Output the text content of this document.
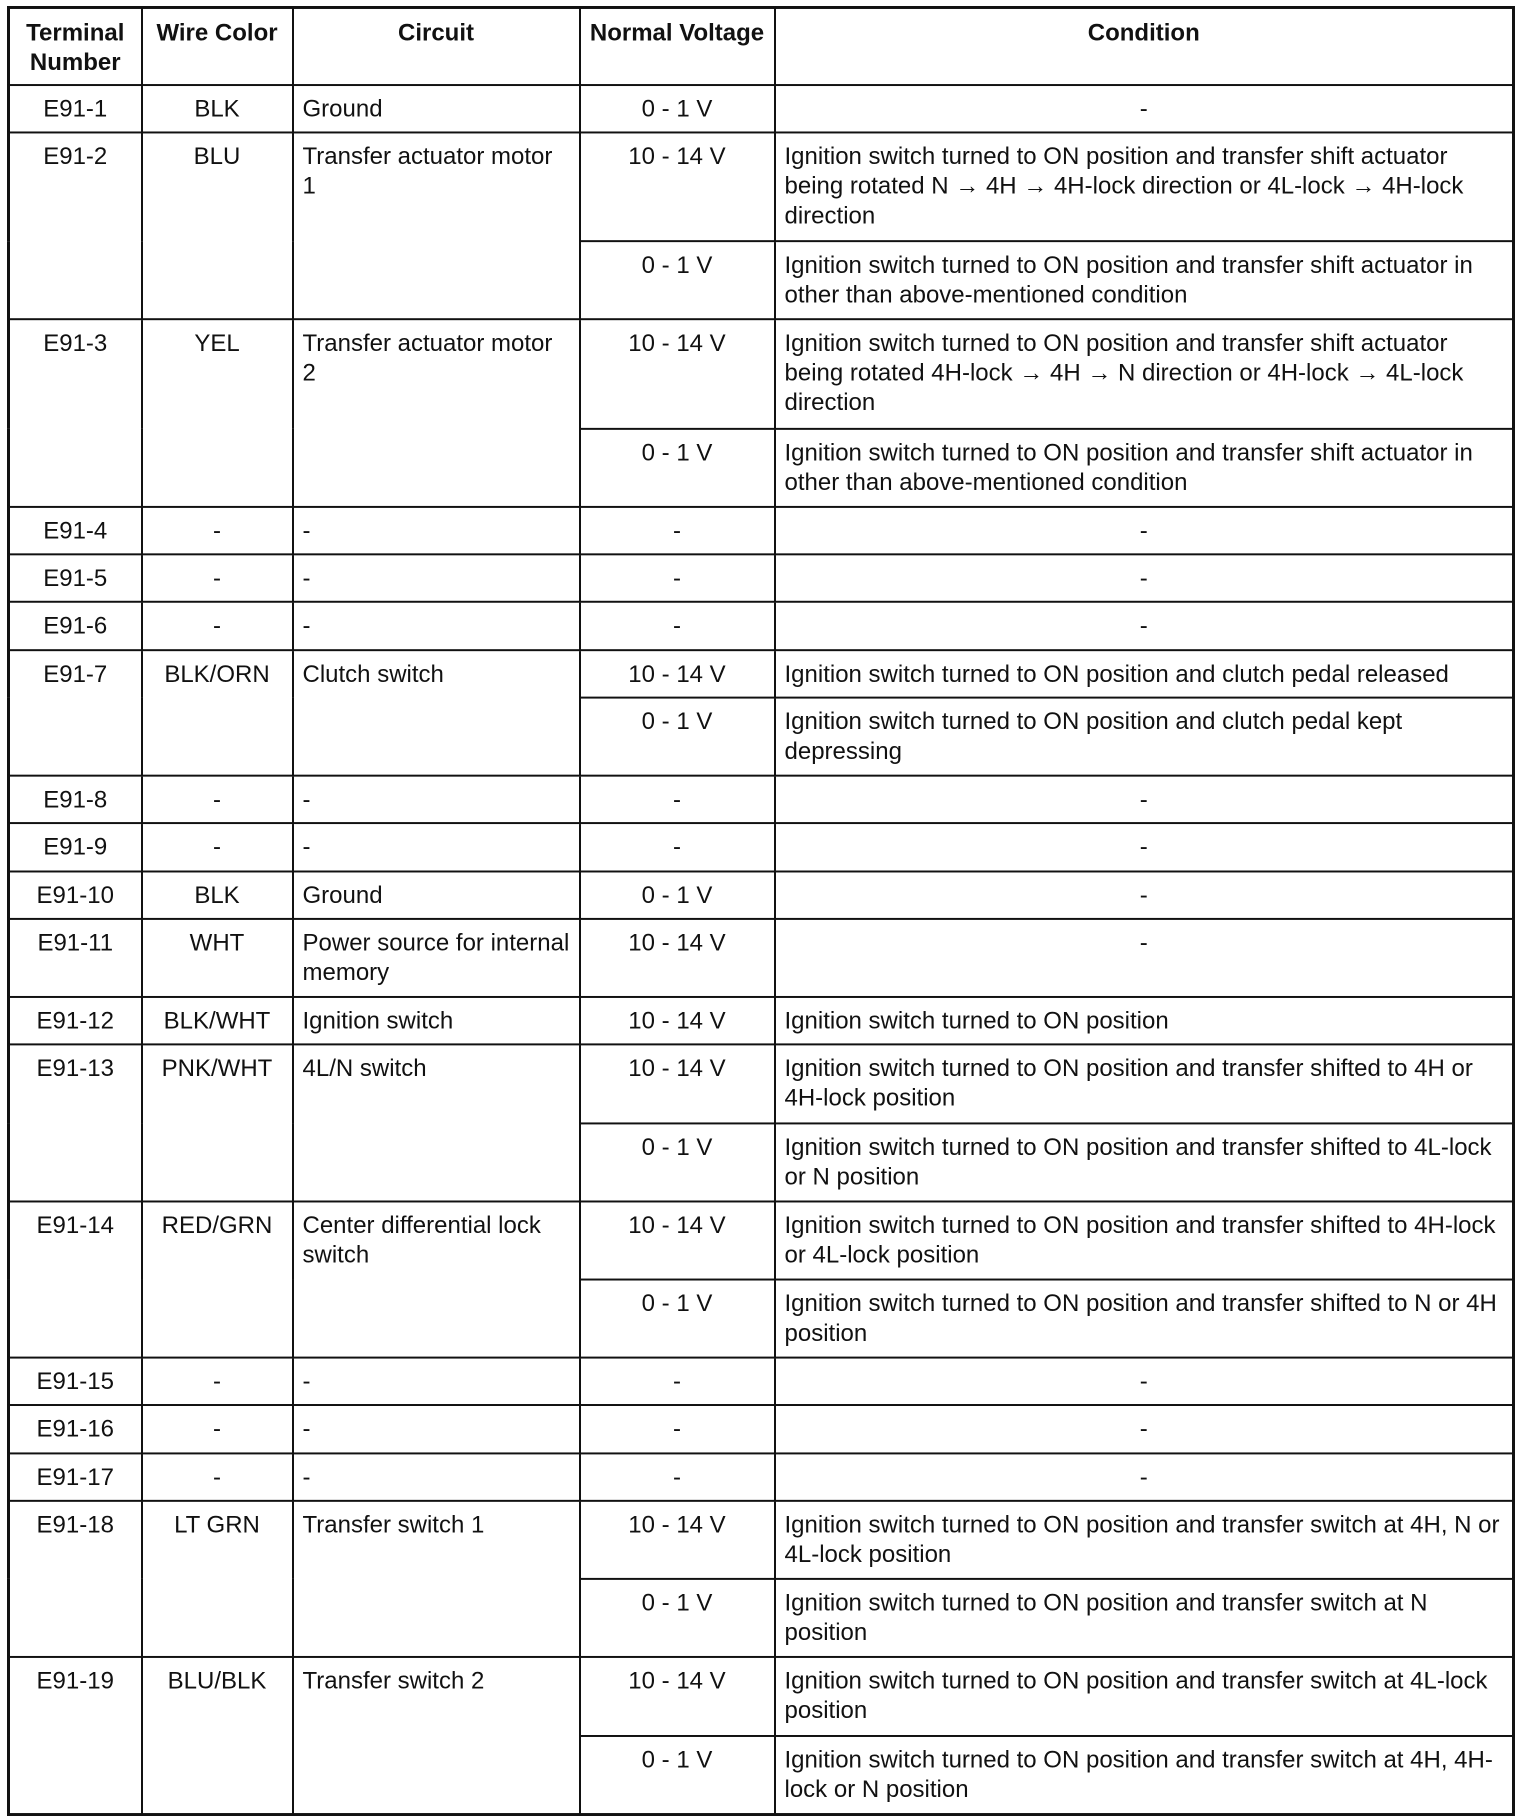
Terminal Number	Wire Color	Circuit	Normal Voltage	Condition
E91-1	BLK	Ground	0 - 1 V	-
E91-2	BLU	Transfer actuator motor 1	10 - 14 V	Ignition switch turned to ON position and transfer shift actuator being rotated N → 4H → 4H-lock direction or 4L-lock → 4H-lock direction
			0 - 1 V	Ignition switch turned to ON position and transfer shift actuator in other than above-mentioned condition
E91-3	YEL	Transfer actuator motor 2	10 - 14 V	Ignition switch turned to ON position and transfer shift actuator being rotated 4H-lock → 4H → N direction or 4H-lock → 4L-lock direction
			0 - 1 V	Ignition switch turned to ON position and transfer shift actuator in other than above-mentioned condition
E91-4	-	-	-	-
E91-5	-	-	-	-
E91-6	-	-	-	-
E91-7	BLK/ORN	Clutch switch	10 - 14 V	Ignition switch turned to ON position and clutch pedal released
			0 - 1 V	Ignition switch turned to ON position and clutch pedal kept depressing
E91-8	-	-	-	-
E91-9	-	-	-	-
E91-10	BLK	Ground	0 - 1 V	-
E91-11	WHT	Power source for internal memory	10 - 14 V	-
E91-12	BLK/WHT	Ignition switch	10 - 14 V	Ignition switch turned to ON position
E91-13	PNK/WHT	4L/N switch	10 - 14 V	Ignition switch turned to ON position and transfer shifted to 4H or 4H-lock position
			0 - 1 V	Ignition switch turned to ON position and transfer shifted to 4L-lock or N position
E91-14	RED/GRN	Center differential lock switch	10 - 14 V	Ignition switch turned to ON position and transfer shifted to 4H-lock or 4L-lock position
			0 - 1 V	Ignition switch turned to ON position and transfer shifted to N or 4H position
E91-15	-	-	-	-
E91-16	-	-	-	-
E91-17	-	-	-	-
E91-18	LT GRN	Transfer switch 1	10 - 14 V	Ignition switch turned to ON position and transfer switch at 4H, N or 4L-lock position
			0 - 1 V	Ignition switch turned to ON position and transfer switch at N position
E91-19	BLU/BLK	Transfer switch 2	10 - 14 V	Ignition switch turned to ON position and transfer switch at 4L-lock position
			0 - 1 V	Ignition switch turned to ON position and transfer switch at 4H, 4H-lock or N position
